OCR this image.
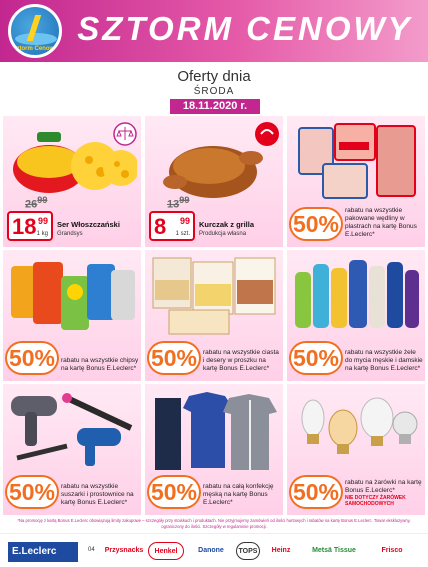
Sztorm Cenowy
SZTORM CENOWY
Oferty dnia
ŚRODA
18.11.2020 r.
$26^{99}$
18 99
1 kg
Ser Włoszczański
Grandsys
$13^{99}$
8 99
1 szt.
Kurczak z grilla
Produkcja własna 50%
rabatu na wszystkie pakowane wędliny w plastrach na kartę Bonus E.Leclerc*
50% rabatu na wszystkie chipsy na kartę Bonus E.Leclerc* 50% rabatu na wszystkie ciasta i desery w proszku na kartę Bonus E.Leclerc*	50% rabatu na wszystkie żele do mycia męskie i damskie na kartę Bonus E.Leclerc*
50% rabatu na wszystkie suszarki i prostownice na kartę Bonus E.Leclerc*	50% rabatu na całą konfekcję męską na kartę Bonus E.Leclerc*	50% rabatu na żarówki na kartę Bonus E.Leclerc*
NIE DOTYCZY ŻARÓWEK SAMOCHODOWYCH
*Na promocję z kartą Bonus E.Leclerc obowiązują limity zakupowe – szczegóły przy stoiskach i produktach. Nie przyjmujemy zamówień od ilości hurtowych i rabatów na kartę Bonus E.Leclerc. Towar ekskluzywny, ograniczony do ilości. Szczegóły w regulaminie promocji.
E.Leclerc	04 Przysnacks	Henkel	Danone	TOPS	Heinz	Metsä Tissue	Frisco
